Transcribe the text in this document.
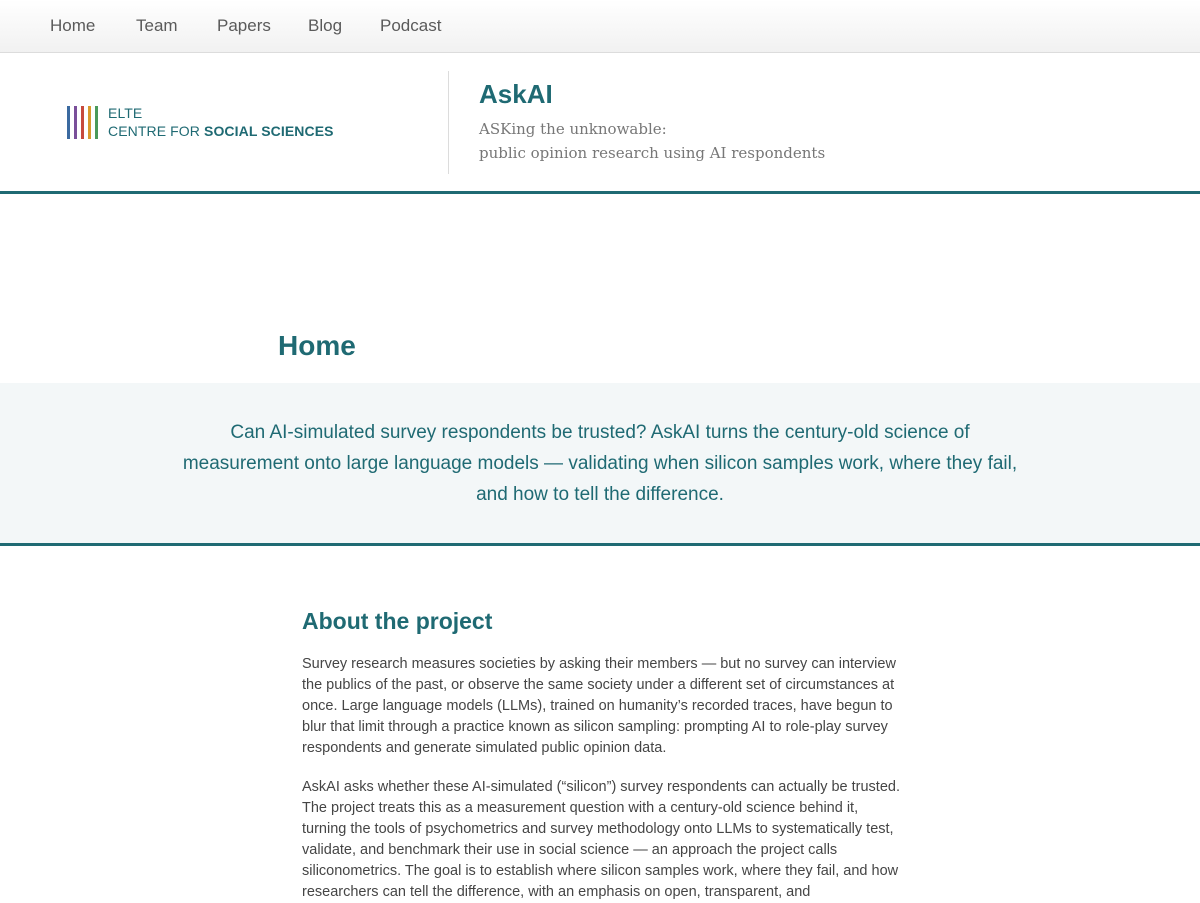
Home Team Papers Blog Podcast
ELTE
CENTRE FOR SOCIAL SCIENCES
AskAI
ASKing the unknowable:
public opinion research using AI respondents
Home

Can AI-simulated survey respondents be trusted? AskAI turns the century-old science of measurement onto large language models — validating when silicon samples work, where they fail, and how to tell the difference.

About the project

Survey research measures societies by asking their members — but no survey can interview the publics of the past, or observe the same society under a different set of circumstances at once. Large language models (LLMs), trained on humanity’s recorded traces, have begun to blur that limit through a practice known as silicon sampling: prompting AI to role-play survey respondents and generate simulated public opinion data.

AskAI asks whether these AI-simulated (“silicon”) survey respondents can actually be trusted. The project treats this as a measurement question with a century-old science behind it, turning the tools of psychometrics and survey methodology onto LLMs to systematically test, validate, and benchmark their use in social science — an approach the project calls siliconometrics. The goal is to establish where silicon samples work, where they fail, and how researchers can tell the difference, with an emphasis on open, transparent, and
